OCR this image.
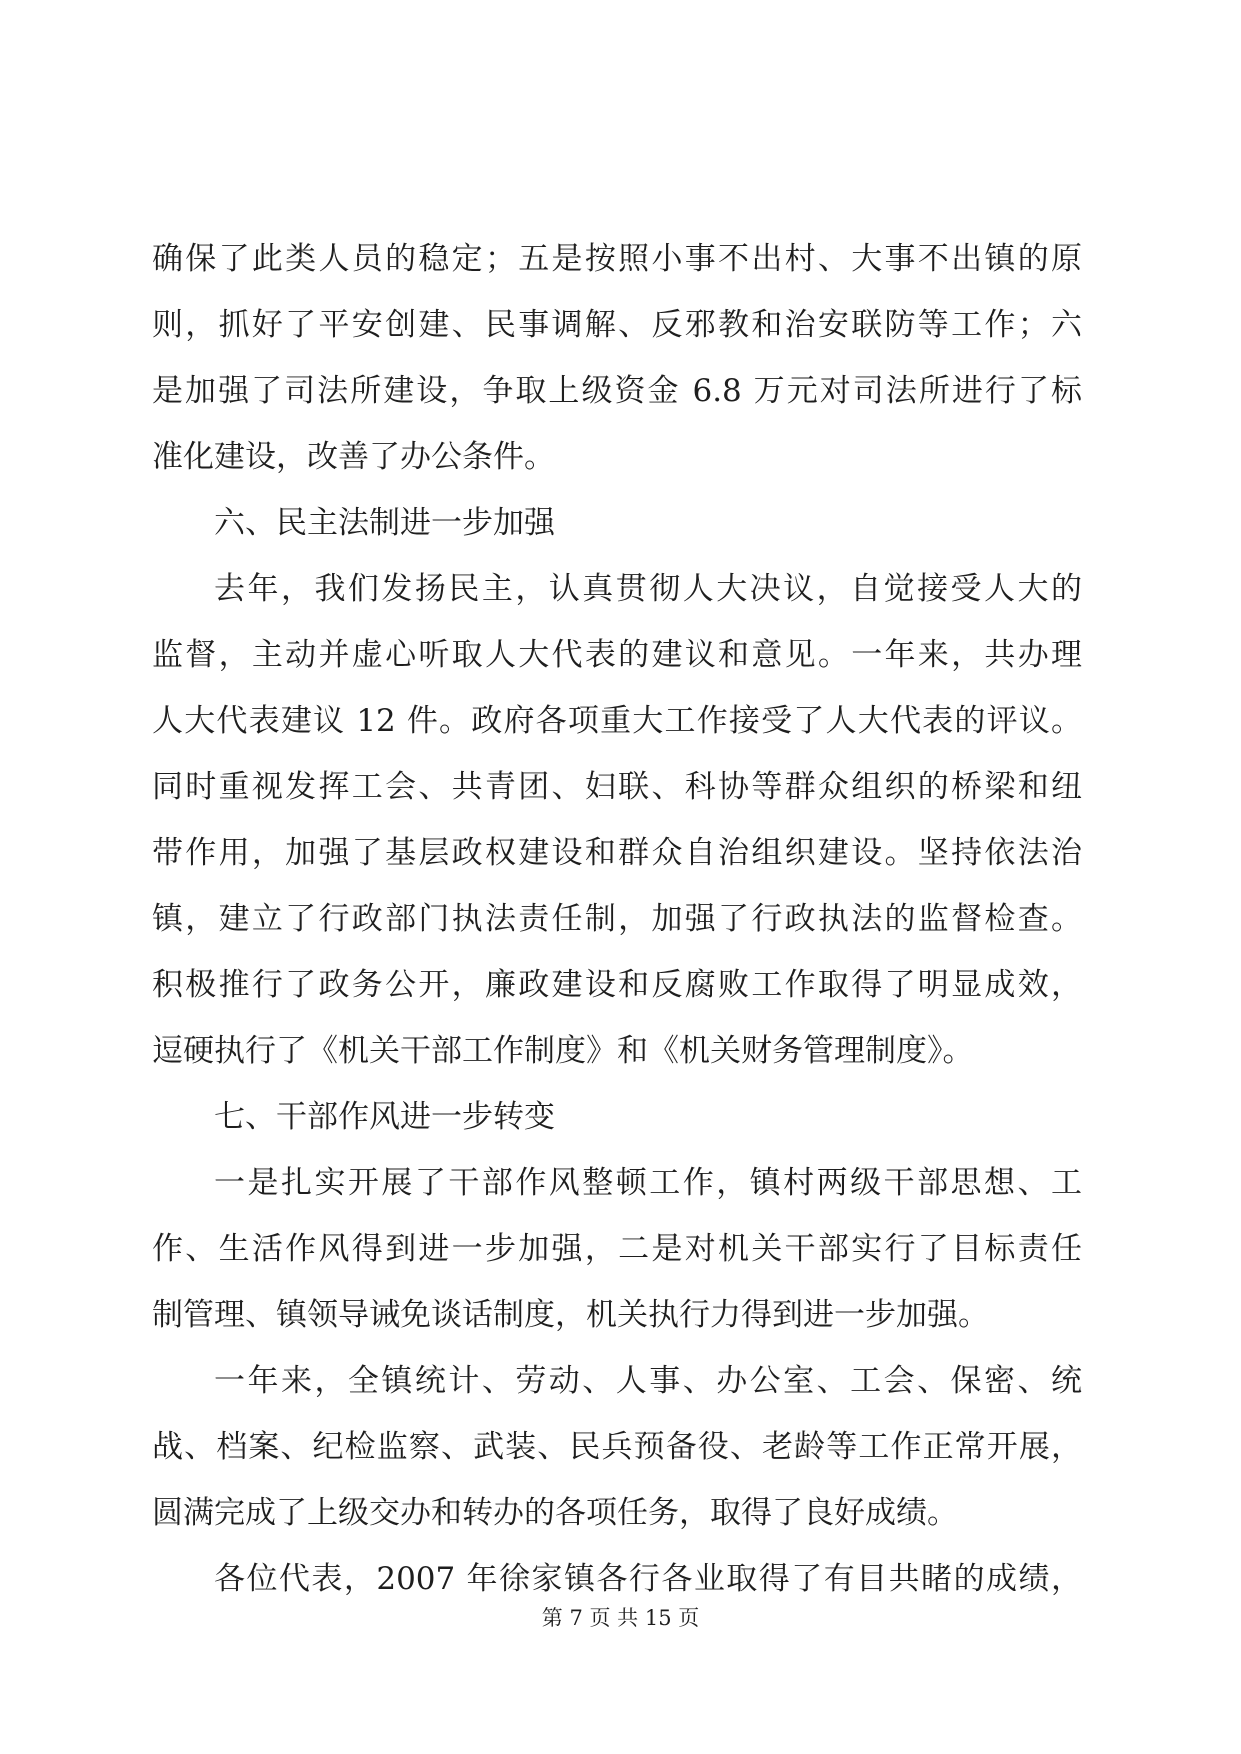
确保了此类人员的稳定；五是按照小事不出村、大事不出镇的原
则，抓好了平安创建、民事调解、反邪教和治安联防等工作；六
是加强了司法所建设，争取上级资金 6.8 万元对司法所进行了标
准化建设，改善了办公条件。
六、民主法制进一步加强
去年，我们发扬民主，认真贯彻人大决议，自觉接受人大的
监督，主动并虚心听取人大代表的建议和意见。一年来，共办理
人大代表建议 12 件。政府各项重大工作接受了人大代表的评议。
同时重视发挥工会、共青团、妇联、科协等群众组织的桥梁和纽
带作用，加强了基层政权建设和群众自治组织建设。坚持依法治
镇，建立了行政部门执法责任制，加强了行政执法的监督检查。
积极推行了政务公开，廉政建设和反腐败工作取得了明显成效，
逗硬执行了《机关干部工作制度》和《机关财务管理制度》。
七、干部作风进一步转变
一是扎实开展了干部作风整顿工作，镇村两级干部思想、工
作、生活作风得到进一步加强，二是对机关干部实行了目标责任
制管理、镇领导诫免谈话制度，机关执行力得到进一步加强。
一年来，全镇统计、劳动、人事、办公室、工会、保密、统
战、档案、纪检监察、武装、民兵预备役、老龄等工作正常开展，
圆满完成了上级交办和转办的各项任务，取得了良好成绩。
各位代表，2007 年徐家镇各行各业取得了有目共睹的成绩，
第 7 页 共 15 页
